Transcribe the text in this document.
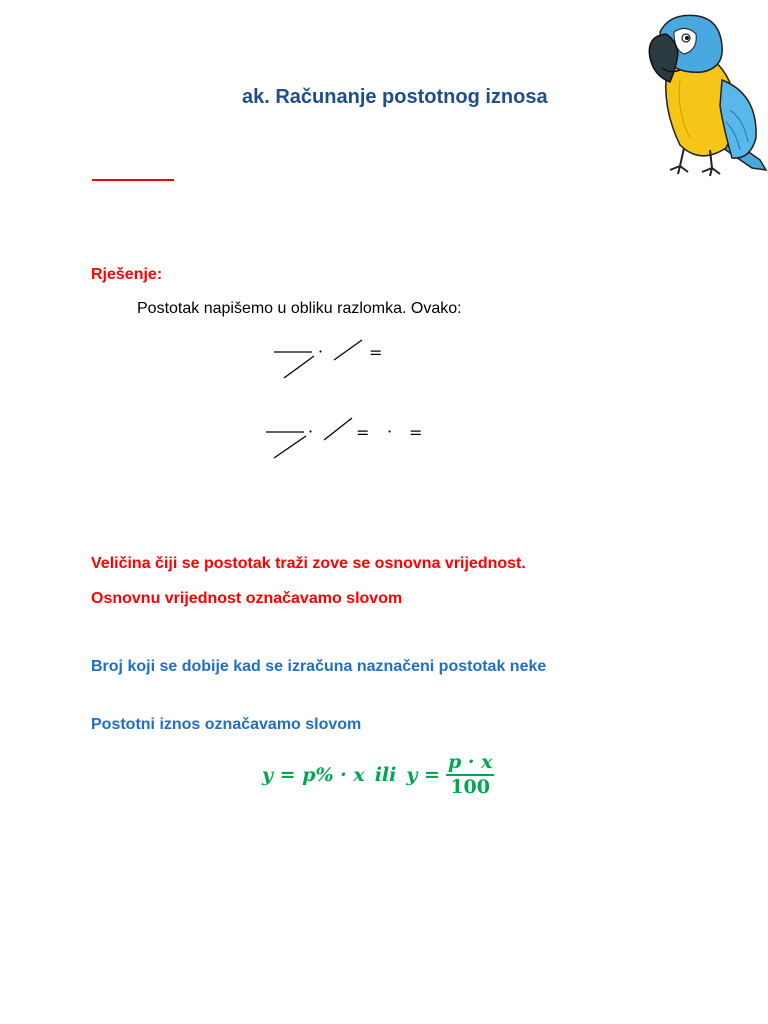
ak. Računanje postotnog iznosa
Rješenje:
Postotak napišemo u obliku razlomka. Ovako:
·	=
·	= · =
Veličina čiji se postotak traži zove se osnovna vrijednost.
Osnovnu vrijednost označavamo slovom
Broj koji se dobije kad se izračuna naznačeni postotak neke
Postotni iznos označavamo slovom
y = p% · x ili $y = \frac{p \cdot x}{100}$
